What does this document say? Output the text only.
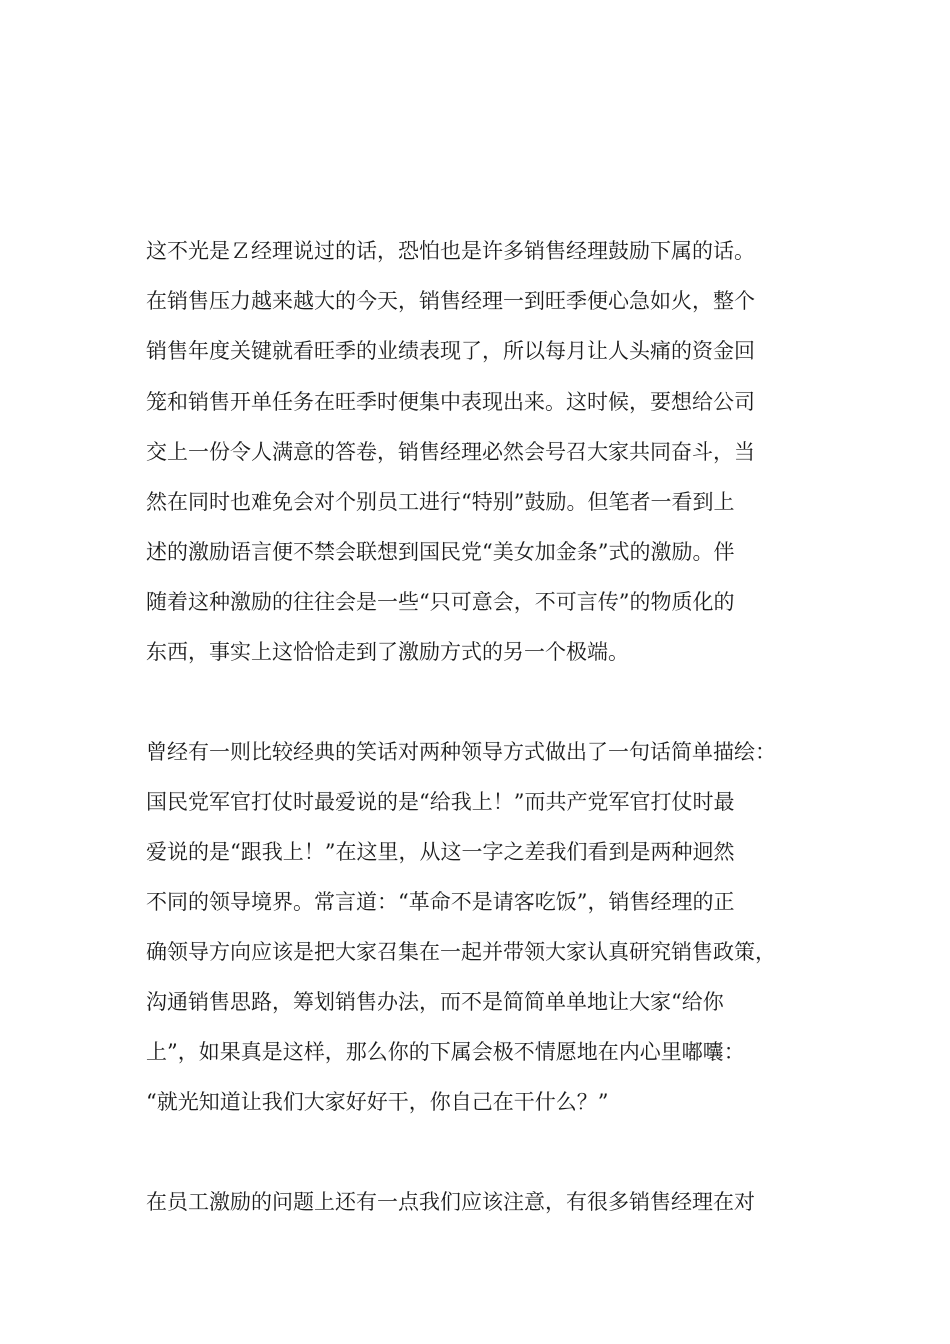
这不光是Ｚ经理说过的话，恐怕也是许多销售经理鼓励下属的话。
在销售压力越来越大的今天，销售经理一到旺季便心急如火，整个
销售年度关键就看旺季的业绩表现了，所以每月让人头痛的资金回
笼和销售开单任务在旺季时便集中表现出来。这时候，要想给公司
交上一份令人满意的答卷，销售经理必然会号召大家共同奋斗，当
然在同时也难免会对个别员工进行“特别”鼓励。但笔者一看到上
述的激励语言便不禁会联想到国民党“美女加金条”式的激励。伴
随着这种激励的往往会是一些“只可意会，不可言传”的物质化的
东西，事实上这恰恰走到了激励方式的另一个极端。
曾经有一则比较经典的笑话对两种领导方式做出了一句话简单描绘：
国民党军官打仗时最爱说的是“给我上！”而共产党军官打仗时最
爱说的是“跟我上！”在这里，从这一字之差我们看到是两种迥然
不同的领导境界。常言道：“革命不是请客吃饭”，销售经理的正
确领导方向应该是把大家召集在一起并带领大家认真研究销售政策，
沟通销售思路，筹划销售办法，而不是简简单单地让大家“给你
上”，如果真是这样，那么你的下属会极不情愿地在内心里嘟囔：
“就光知道让我们大家好好干，你自己在干什么？”
在员工激励的问题上还有一点我们应该注意，有很多销售经理在对
